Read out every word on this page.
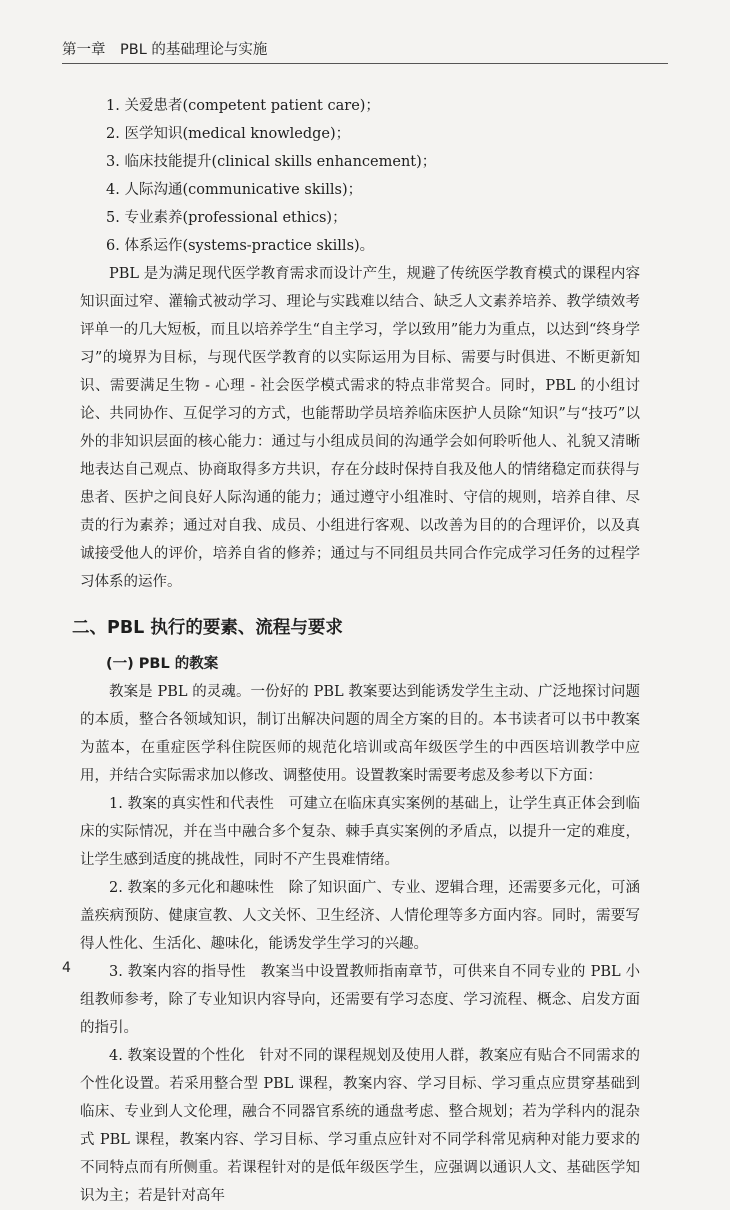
第一章　PBL 的基础理论与实施

1. 关爱患者(competent patient care)；

2. 医学知识(medical knowledge)；

3. 临床技能提升(clinical skills enhancement)；

4. 人际沟通(communicative skills)；

5. 专业素养(professional ethics)；

6. 体系运作(systems-practice skills)。

PBL 是为满足现代医学教育需求而设计产生，规避了传统医学教育模式的课程内容知识面过窄、灌输式被动学习、理论与实践难以结合、缺乏人文素养培养、教学绩效考评单一的几大短板，而且以培养学生“自主学习，学以致用”能力为重点，以达到“终身学习”的境界为目标，与现代医学教育的以实际运用为目标、需要与时俱进、不断更新知识、需要满足生物 - 心理 - 社会医学模式需求的特点非常契合。同时，PBL 的小组讨论、共同协作、互促学习的方式，也能帮助学员培养临床医护人员除“知识”与“技巧”以外的非知识层面的核心能力：通过与小组成员间的沟通学会如何聆听他人、礼貌又清晰地表达自己观点、协商取得多方共识，存在分歧时保持自我及他人的情绪稳定而获得与患者、医护之间良好人际沟通的能力；通过遵守小组准时、守信的规则，培养自律、尽责的行为素养；通过对自我、成员、小组进行客观、以改善为目的的合理评价，以及真诚接受他人的评价，培养自省的修养；通过与不同组员共同合作完成学习任务的过程学习体系的运作。

二、PBL 执行的要素、流程与要求
(一) PBL 的教案

教案是 PBL 的灵魂。一份好的 PBL 教案要达到能诱发学生主动、广泛地探讨问题的本质，整合各领域知识，制订出解决问题的周全方案的目的。本书读者可以书中教案为蓝本，在重症医学科住院医师的规范化培训或高年级医学生的中西医培训教学中应用，并结合实际需求加以修改、调整使用。设置教案时需要考虑及参考以下方面：

1. 教案的真实性和代表性　可建立在临床真实案例的基础上，让学生真正体会到临床的实际情况，并在当中融合多个复杂、棘手真实案例的矛盾点，以提升一定的难度，让学生感到适度的挑战性，同时不产生畏难情绪。

2. 教案的多元化和趣味性　除了知识面广、专业、逻辑合理，还需要多元化，可涵盖疾病预防、健康宣教、人文关怀、卫生经济、人情伦理等多方面内容。同时，需要写得人性化、生活化、趣味化，能诱发学生学习的兴趣。

3. 教案内容的指导性　教案当中设置教师指南章节，可供来自不同专业的 PBL 小组教师参考，除了专业知识内容导向，还需要有学习态度、学习流程、概念、启发方面的指引。

4. 教案设置的个性化　针对不同的课程规划及使用人群，教案应有贴合不同需求的个性化设置。若采用整合型 PBL 课程，教案内容、学习目标、学习重点应贯穿基础到临床、专业到人文伦理，融合不同器官系统的通盘考虑、整合规划；若为学科内的混杂式 PBL 课程，教案内容、学习目标、学习重点应针对不同学科常见病种对能力要求的不同特点而有所侧重。若课程针对的是低年级医学生，应强调以通识人文、基础医学知识为主；若是针对高年

4
